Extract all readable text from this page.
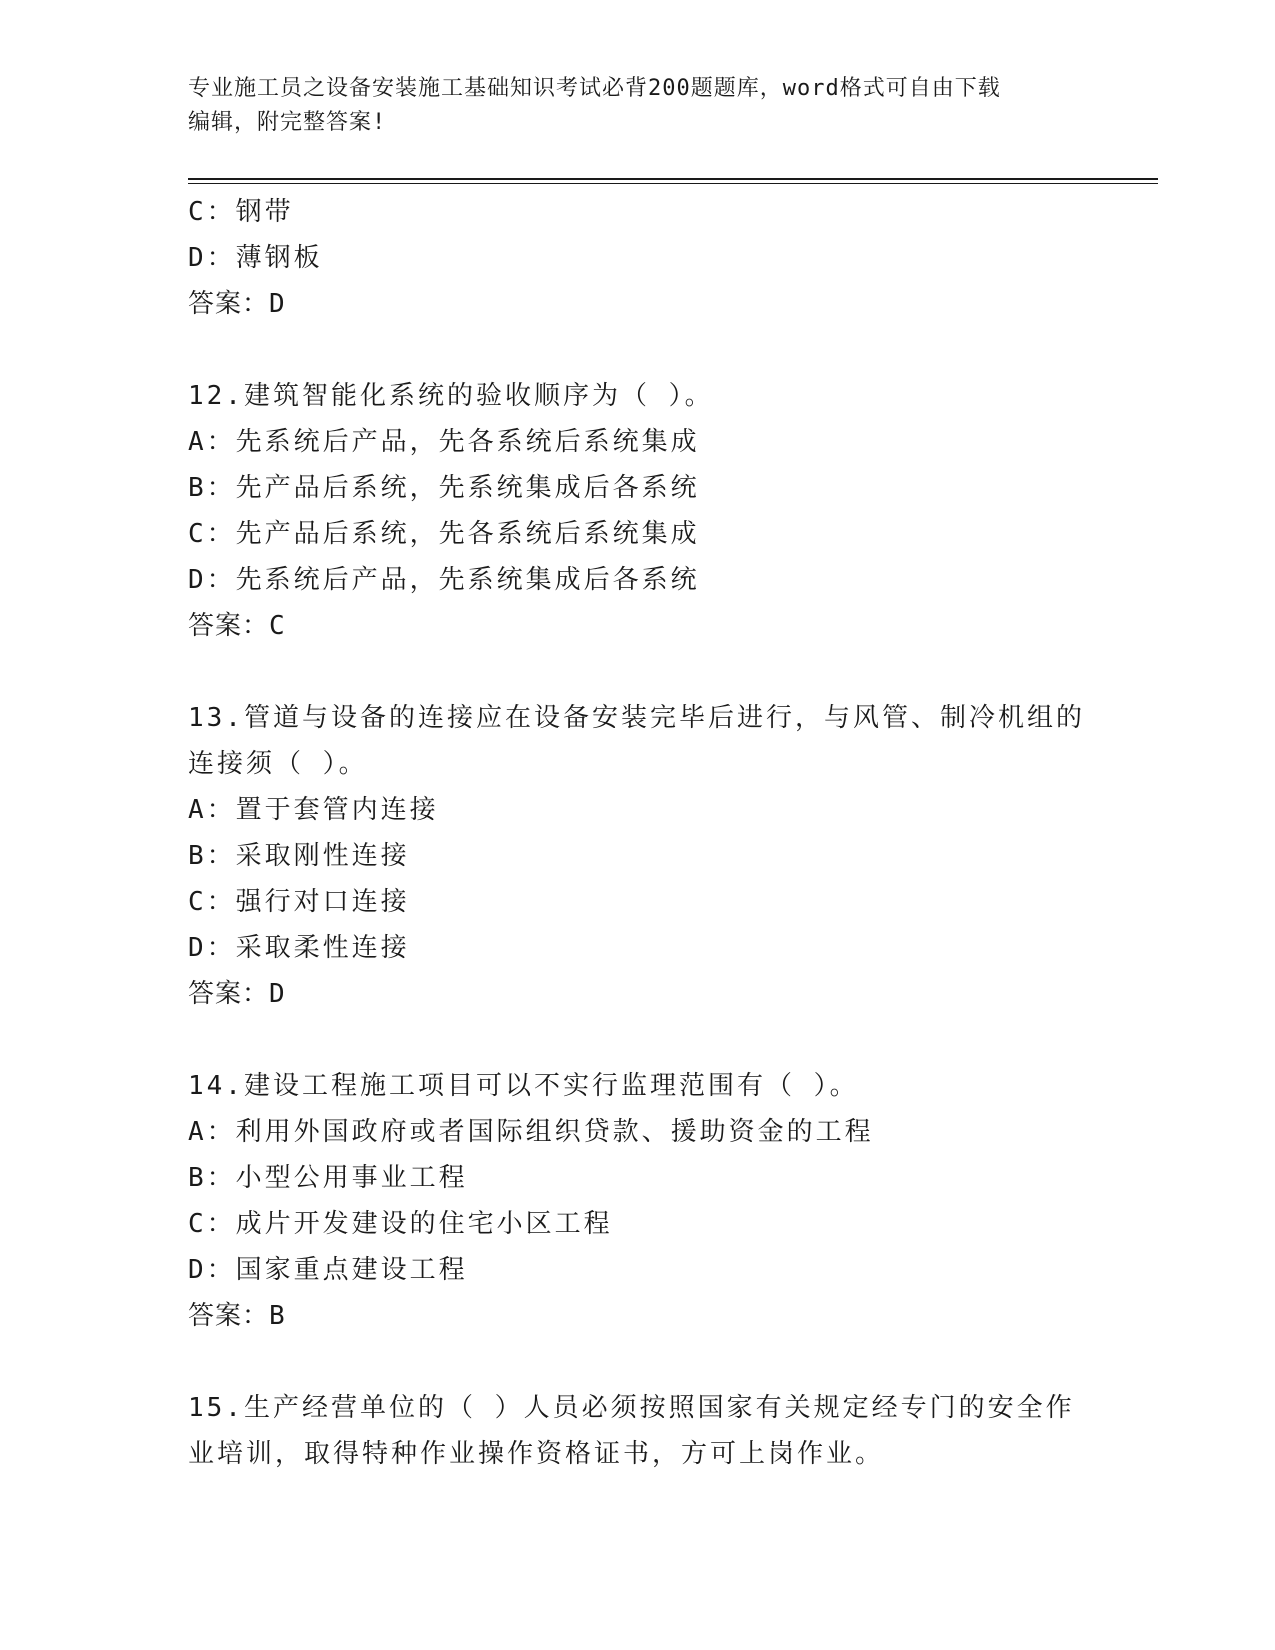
专业施工员之设备安装施工基础知识考试必背200题题库，word格式可自由下载
编辑，附完整答案!
C：钢带
D：薄钢板
答案：D
12.建筑智能化系统的验收顺序为（ ）。
A：先系统后产品，先各系统后系统集成
B：先产品后系统，先系统集成后各系统
C：先产品后系统，先各系统后系统集成
D：先系统后产品，先系统集成后各系统
答案：C
13.管道与设备的连接应在设备安装完毕后进行，与风管、制冷机组的
连接须（ ）。
A：置于套管内连接
B：采取刚性连接
C：强行对口连接
D：采取柔性连接
答案：D
14.建设工程施工项目可以不实行监理范围有（ ）。
A：利用外国政府或者国际组织贷款、援助资金的工程
B：小型公用事业工程
C：成片开发建设的住宅小区工程
D：国家重点建设工程
答案：B
15.生产经营单位的（ ）人员必须按照国家有关规定经专门的安全作
业培训，取得特种作业操作资格证书，方可上岗作业。
